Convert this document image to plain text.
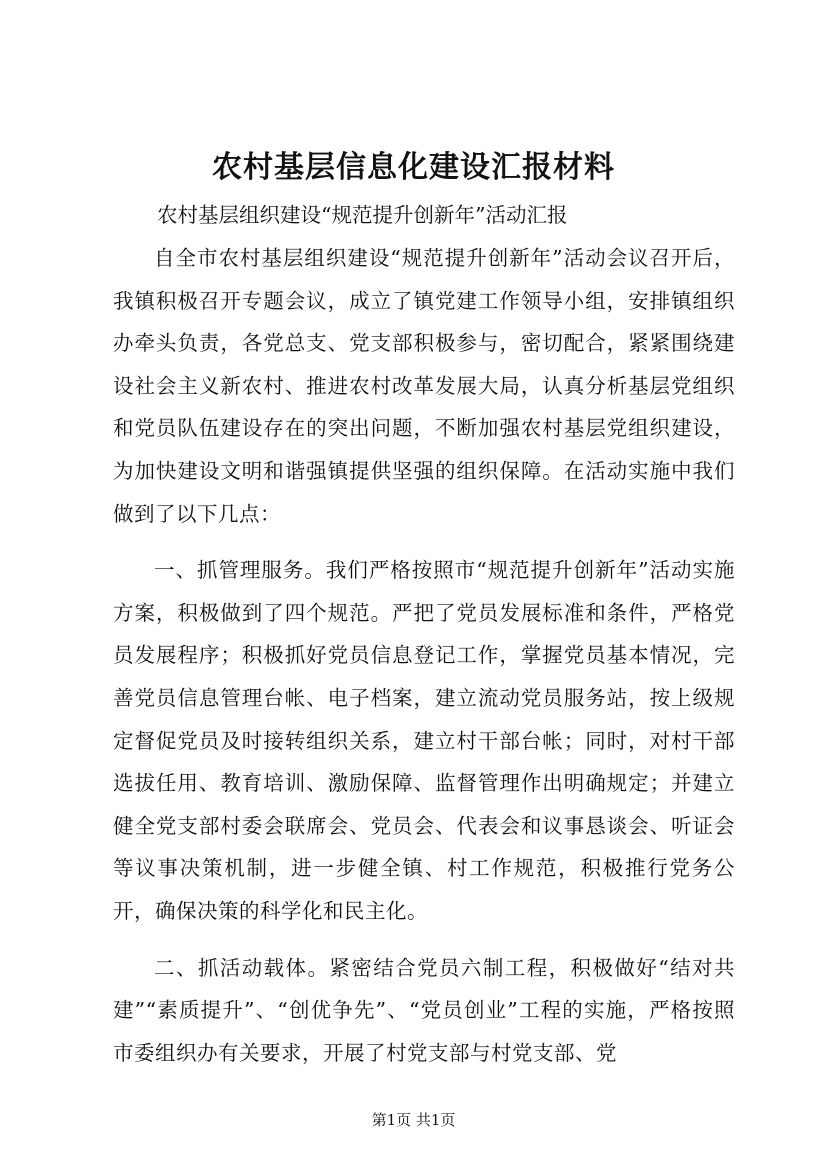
农村基层信息化建设汇报材料
农村基层组织建设“规范提升创新年”活动汇报

自全市农村基层组织建设“规范提升创新年”活动会议召开后，我镇积极召开专题会议，成立了镇党建工作领导小组，安排镇组织办牵头负责，各党总支、党支部积极参与，密切配合，紧紧围绕建设社会主义新农村、推进农村改革发展大局，认真分析基层党组织和党员队伍建设存在的突出问题，不断加强农村基层党组织建设，为加快建设文明和谐强镇提供坚强的组织保障。在活动实施中我们做到了以下几点：

一、抓管理服务。我们严格按照市“规范提升创新年”活动实施方案，积极做到了四个规范。严把了党员发展标准和条件，严格党员发展程序；积极抓好党员信息登记工作，掌握党员基本情况，完善党员信息管理台帐、电子档案，建立流动党员服务站，按上级规定督促党员及时接转组织关系，建立村干部台帐；同时，对村干部选拔任用、教育培训、激励保障、监督管理作出明确规定；并建立健全党支部村委会联席会、党员会、代表会和议事恳谈会、听证会等议事决策机制，进一步健全镇、村工作规范，积极推行党务公开，确保决策的科学化和民主化。

二、抓活动载体。紧密结合党员六制工程，积极做好“结对共建”“素质提升”、“创优争先”、“党员创业”工程的实施，严格按照市委组织办有关要求，开展了村党支部与村党支部、党

第1页 共1页
